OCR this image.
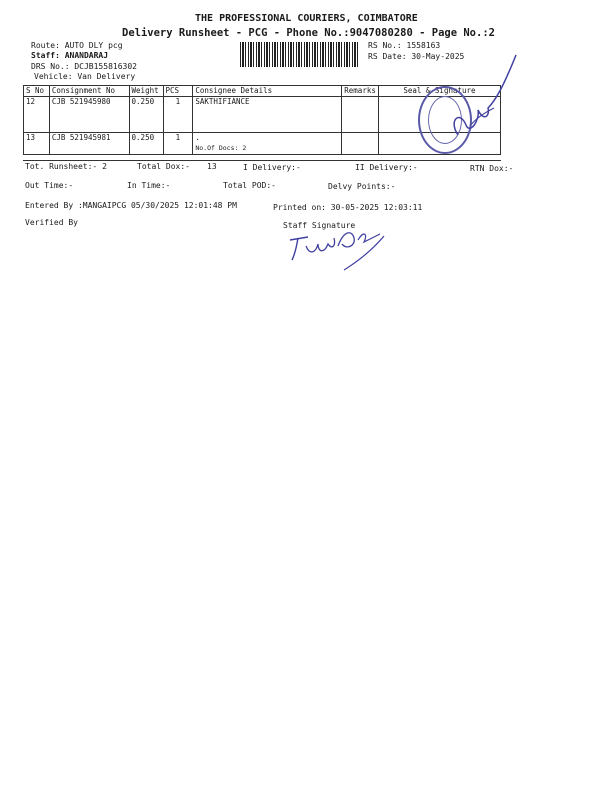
THE PROFESSIONAL COURIERS, COIMBATORE
Delivery Runsheet - PCG - Phone No.:9047080280 - Page No.:2
Route: AUTO DLY pcg
Staff: ANANDARAJ
DRS No.: DCJB155816302
Vehicle: Van Delivery
RS No.: 1558163
RS Date: 30-May-2025
S No	Consignment No	Weight	PCS	Consignee Details	Remarks	Seal & Signature
12	CJB 521945980	0.250	1	SAKTHIFIANCE		
13	CJB 521945981	0.250	1	.
No.Of Docs: 2		

Tot. Runsheet:- 2	Total Dox:- 13	I Delivery:-	II Delivery:-	RTN Dox:-
Out Time:-	In Time:-	Total POD:-	Delvy Points:-
Entered By :MANGAIPCG 05/30/2025 12:01:48 PM	Printed on: 30-05-2025 12:03:11
Verified By	Staff Signature
